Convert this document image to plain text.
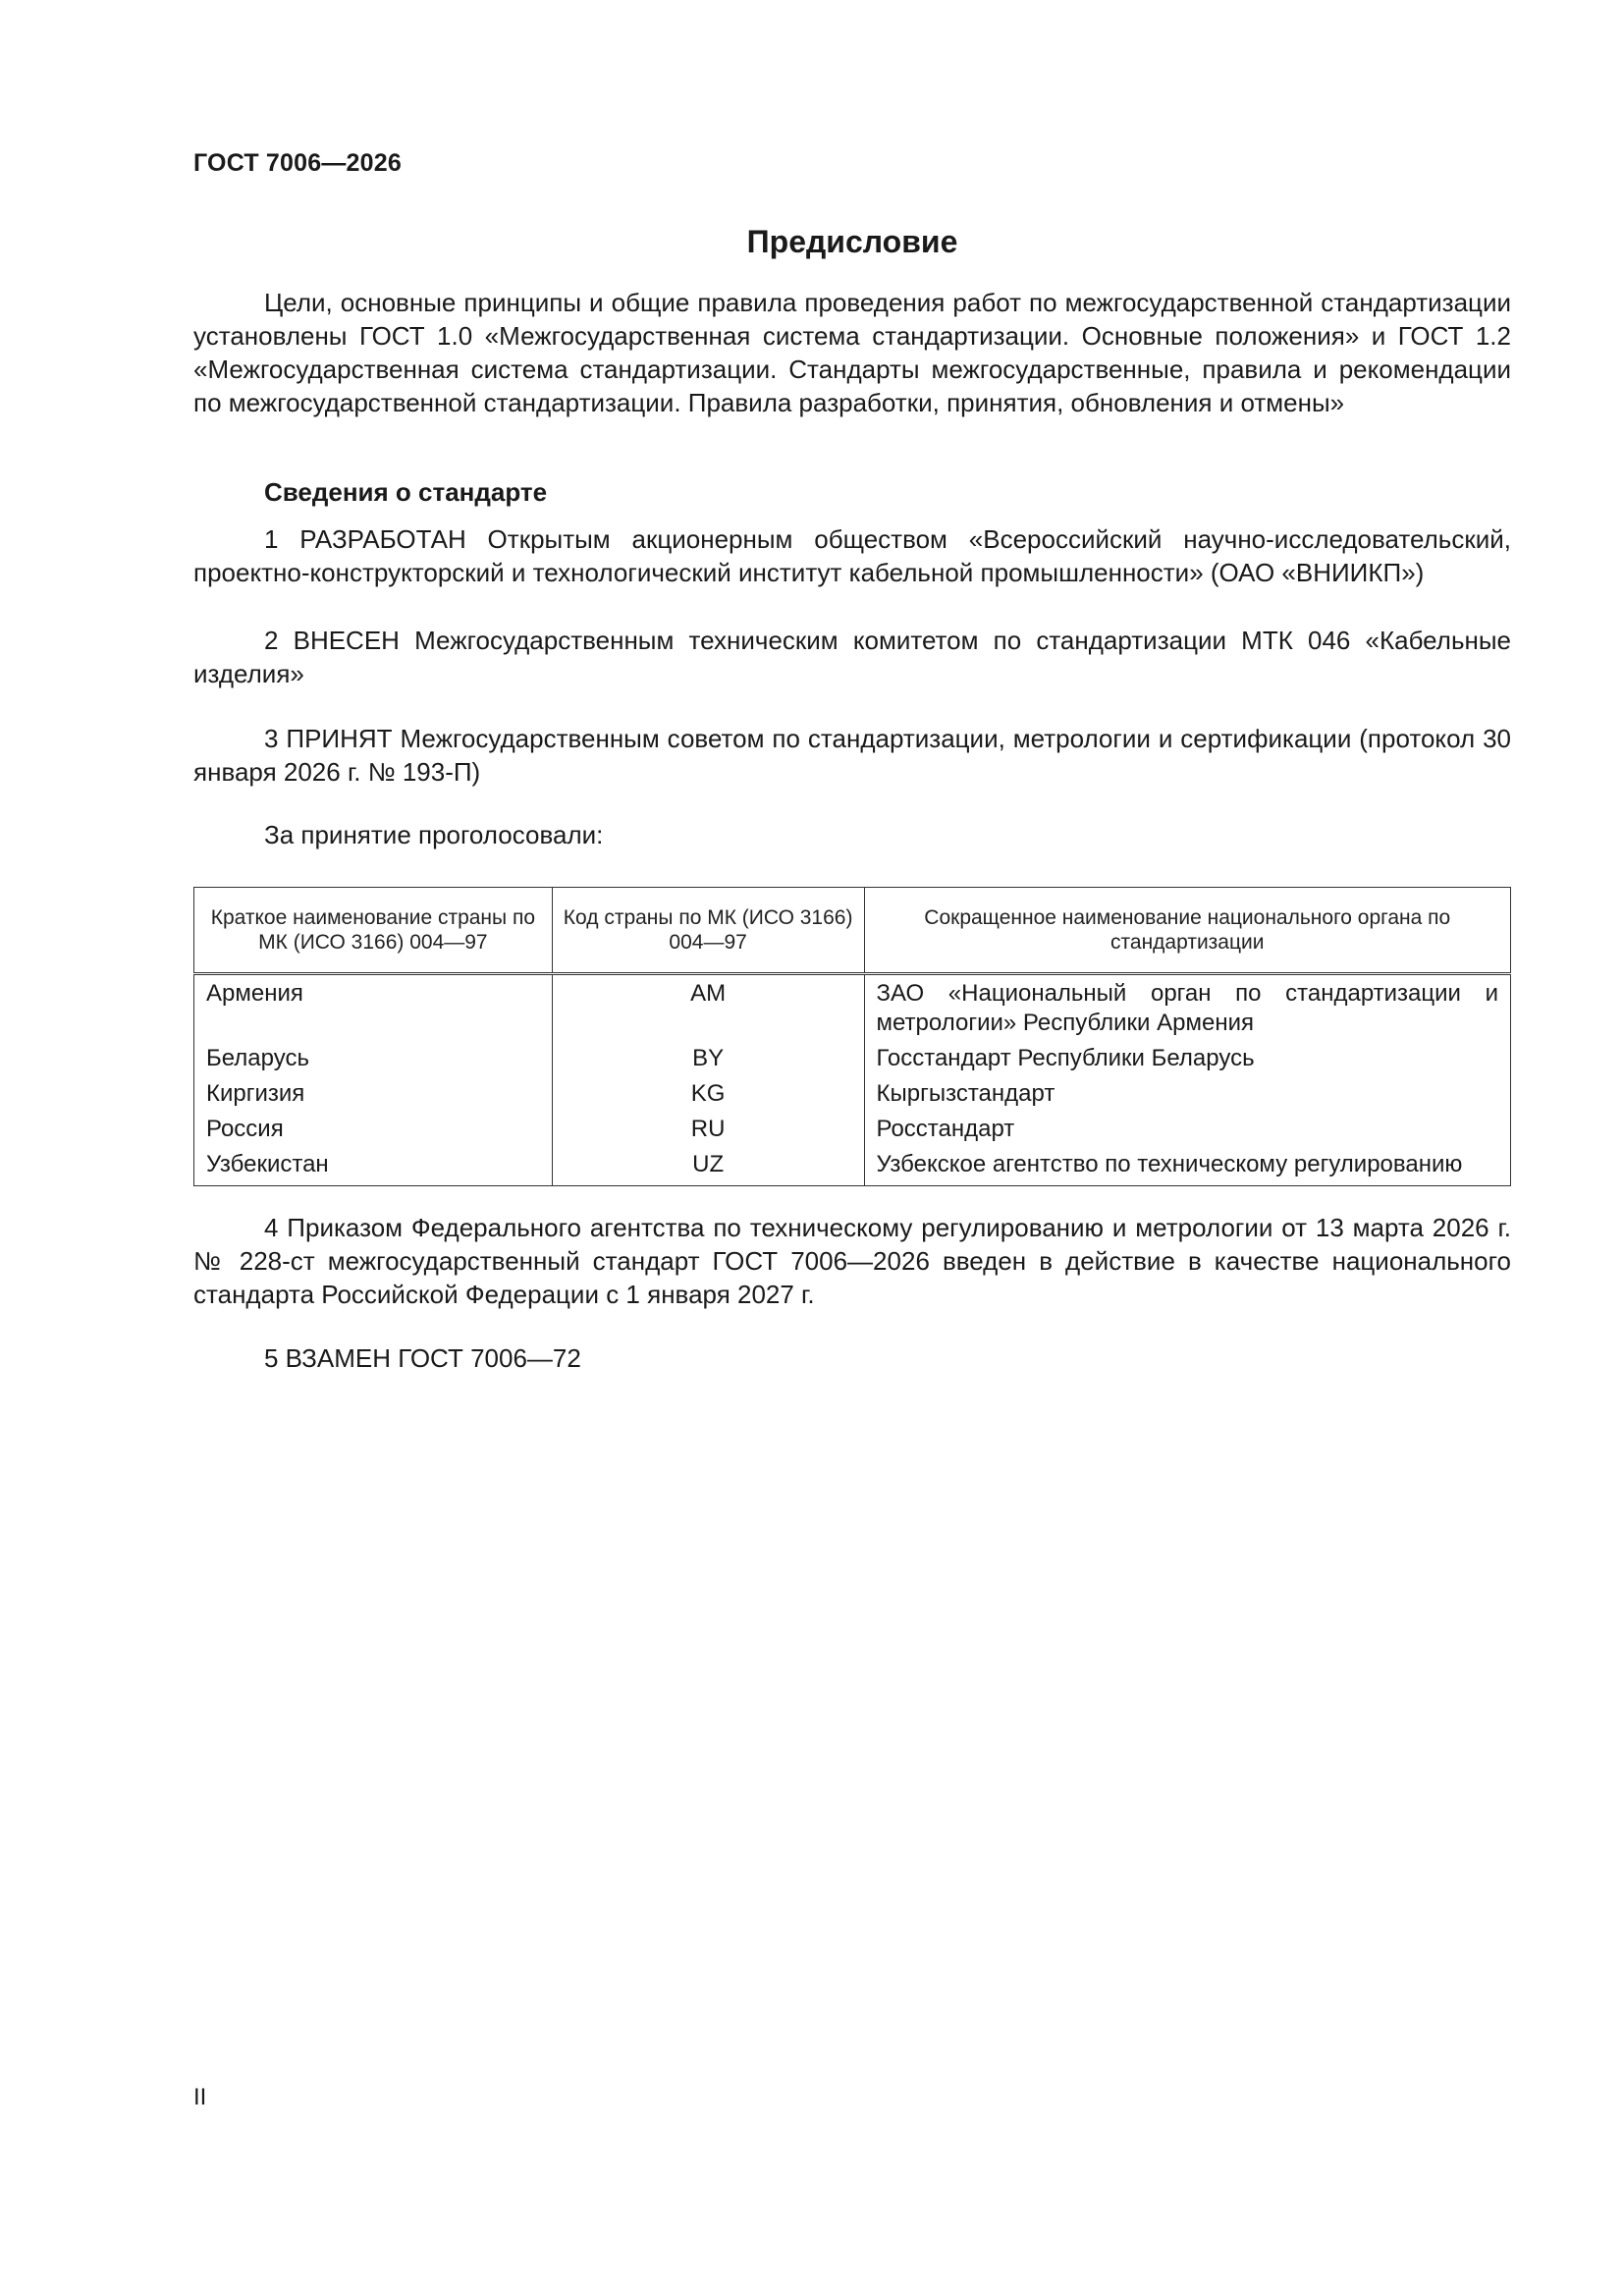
ГОСТ 7006—2026
Предисловие
Цели, основные принципы и общие правила проведения работ по межгосударственной стандартизации установлены ГОСТ 1.0 «Межгосударственная система стандартизации. Основные положения» и ГОСТ 1.2 «Межгосударственная система стандартизации. Стандарты межгосударственные, правила и рекомендации по межгосударственной стандартизации. Правила разработки, принятия, обновления и отмены»
Сведения о стандарте
1 РАЗРАБОТАН Открытым акционерным обществом «Всероссийский научно-исследовательский, проектно-конструкторский и технологический институт кабельной промышленности» (ОАО «ВНИИКП»)
2 ВНЕСЕН Межгосударственным техническим комитетом по стандартизации МТК 046 «Кабельные изделия»
3 ПРИНЯТ Межгосударственным советом по стандартизации, метрологии и сертификации (протокол 30 января 2026 г. № 193-П)
За принятие проголосовали:
Краткое наименование страны по МК (ИСО 3166) 004—97	Код страны по МК (ИСО 3166) 004—97	Сокращенное наименование национального органа по стандартизации
Армения	AM	ЗАО «Национальный орган по стандартизации и метрологии» Республики Армения
Беларусь	BY	Госстандарт Республики Беларусь
Киргизия	KG	Кыргызстандарт
Россия	RU	Росстандарт
Узбекистан	UZ	Узбекское агентство по техническому регулированию
4 Приказом Федерального агентства по техническому регулированию и метрологии от 13 марта 2026 г. № 228-ст межгосударственный стандарт ГОСТ 7006—2026 введен в действие в качестве национального стандарта Российской Федерации с 1 января 2027 г.
5 ВЗАМЕН ГОСТ 7006—72
II
